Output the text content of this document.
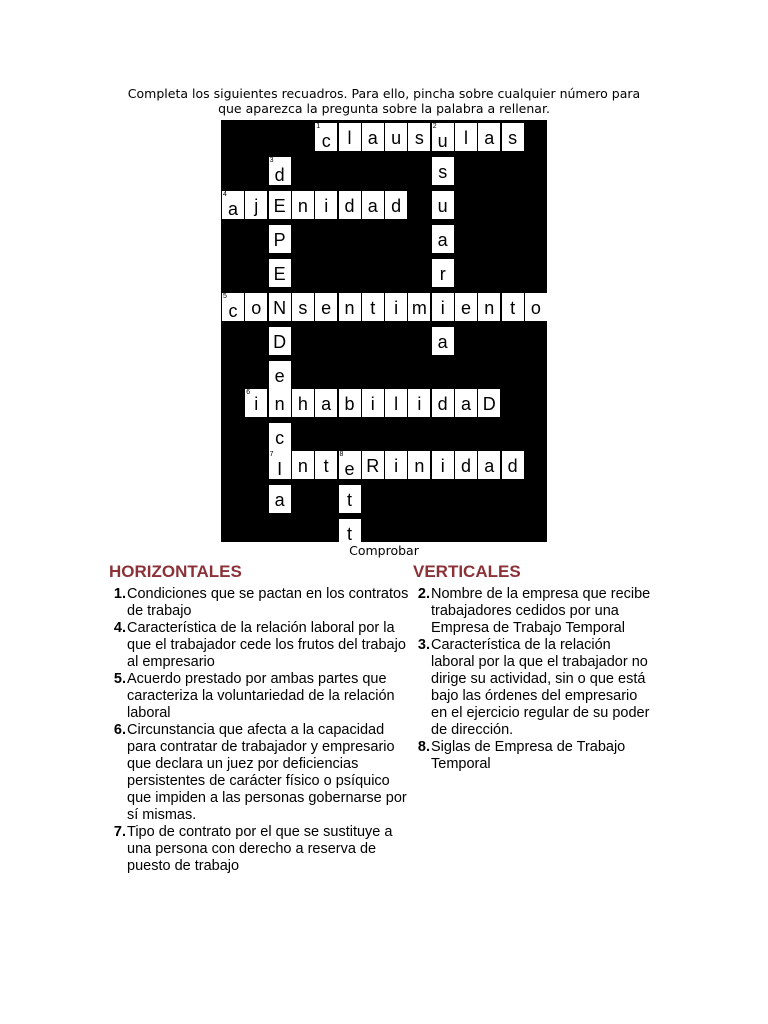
Completa los siguientes recuadros. Para ello, pincha sobre cualquier número para que aparezca la pregunta sobre la palabra a rellenar.
1
c l a u s
2
u l a s
3
d	s
4
a j E n i d a d	u
P	a
E	r
5
c o N s e n t	i m i e n t o
D	a
e
6
i n h a b i	l	i d a D
c
7
I n t
8
e R i n i d a d
a	t
t
Comprobar
HORIZONTALES
1. Condiciones que se pactan en los contratos de trabajo
4. Característica de la relación laboral por la que el trabajador cede los frutos del trabajo al empresario
5. Acuerdo prestado por ambas partes que caracteriza la voluntariedad de la relación laboral
6. Circunstancia que afecta a la capacidad para contratar de trabajador y empresario que declara un juez por deficiencias persistentes de carácter físico o psíquico que impiden a las personas gobernarse por sí mismas.
7. Tipo de contrato por el que se sustituye a una persona con derecho a reserva de puesto de trabajo
VERTICALES
2. Nombre de la empresa que recibe trabajadores cedidos por una Empresa de Trabajo Temporal
3. Característica de la relación laboral por la que el trabajador no dirige su actividad, sin o que está bajo las órdenes del empresario en el ejercicio regular de su poder de dirección.
8. Siglas de Empresa de Trabajo Temporal
